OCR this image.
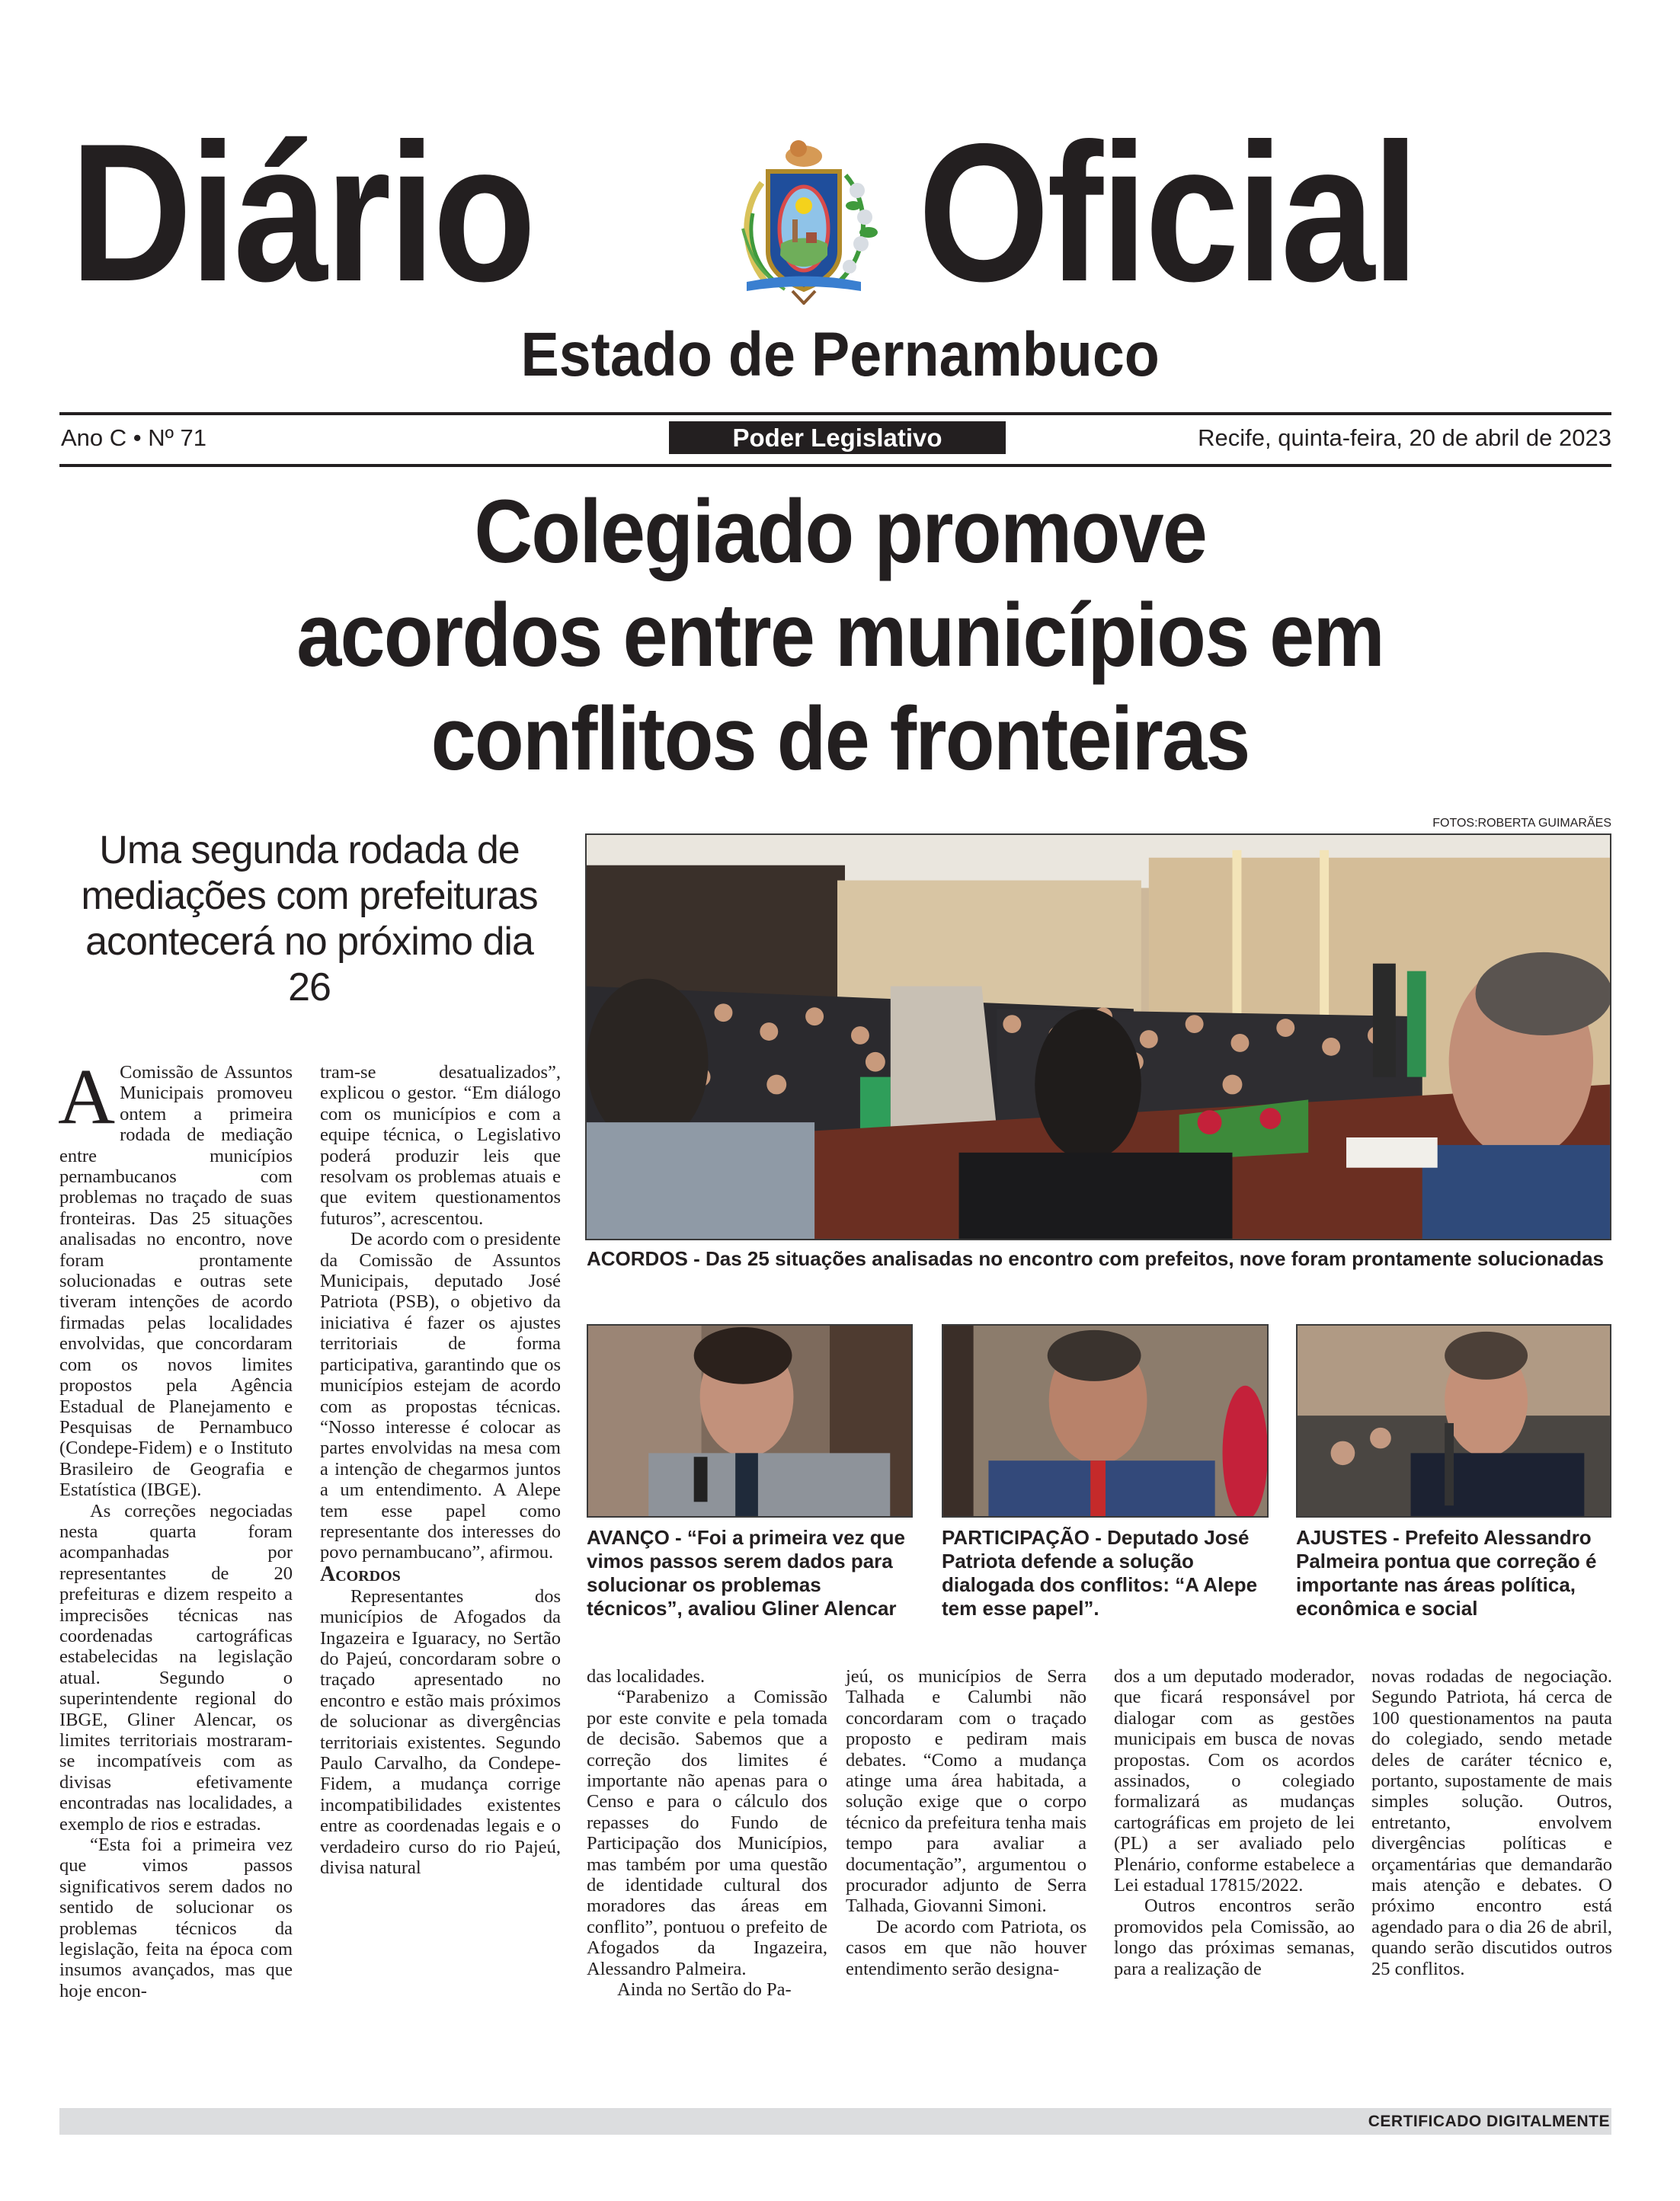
Diário Oficial
Estado de Pernambuco
Ano C • Nº 71	Poder Legislativo	Recife, quinta-feira, 20 de abril de 2023
Colegiado promove
acordos entre municípios em
conflitos de fronteiras
Uma segunda rodada de mediações com prefeituras acontecerá no próximo dia 26
FOTOS:ROBERTA GUIMARÃES
ACORDOS - Das 25 situações analisadas no encontro com prefeitos, nove foram prontamente solucionadas
AVANÇO - “Foi a primeira vez que vimos passos serem dados para solucionar os problemas técnicos”, avaliou Gliner Alencar
PARTICIPAÇÃO - Deputado José Patriota defende a solução dialogada dos conflitos: “A Alepe tem esse papel”.
AJUSTES - Prefeito Alessandro Palmeira pontua que correção é importante nas áreas política, econômica e social

A Comissão de Assuntos Municipais promoveu ontem a primeira rodada de mediação entre municípios pernambucanos com problemas no traçado de suas fronteiras. Das 25 situações analisadas no encontro, nove foram prontamente solucionadas e outras sete tiveram intenções de acordo firmadas pelas localidades envolvidas, que concordaram com os novos limites propostos pela Agência Estadual de Planejamento e Pesquisas de Pernambuco (Condepe-Fidem) e o Instituto Brasileiro de Geografia e Estatística (IBGE).

As correções negociadas nesta quarta foram acompanhadas por representantes de 20 prefeituras e dizem respeito a imprecisões técnicas nas coordenadas cartográficas estabelecidas na legislação atual. Segundo o superintendente regional do IBGE, Gliner Alencar, os limites territoriais mostraram-se incompatíveis com as divisas efetivamente encontradas nas localidades, a exemplo de rios e estradas.

“Esta foi a primeira vez que vimos passos significativos serem dados no sentido de solucionar os problemas técnicos da legislação, feita na época com insumos avançados, mas que hoje encon-

tram-se desatualizados”, explicou o gestor. “Em diálogo com os municípios e com a equipe técnica, o Legislativo poderá produzir leis que resolvam os problemas atuais e que evitem questionamentos futuros”, acrescentou.

De acordo com o presidente da Comissão de Assuntos Municipais, deputado José Patriota (PSB), o objetivo da iniciativa é fazer os ajustes territoriais de forma participativa, garantindo que os municípios estejam de acordo com as propostas técnicas. “Nosso interesse é colocar as partes envolvidas na mesa com a intenção de chegarmos juntos a um entendimento. A Alepe tem esse papel como representante dos interesses do povo pernambucano”, afirmou.

Acordos

Representantes dos municípios de Afogados da Ingazeira e Iguaracy, no Sertão do Pajeú, concordaram sobre o traçado apresentado no encontro e estão mais próximos de solucionar as divergências territoriais existentes. Segundo Paulo Carvalho, da Condepe-Fidem, a mudança corrige incompatibilidades existentes entre as coordenadas legais e o verdadeiro curso do rio Pajeú, divisa natural

das localidades.

“Parabenizo a Comissão por este convite e pela tomada de decisão. Sabemos que a correção dos limites é importante não apenas para o Censo e para o cálculo dos repasses do Fundo de Participação dos Municípios, mas também por uma questão de identidade cultural dos moradores das áreas em conflito”, pontuou o prefeito de Afogados da Ingazeira, Alessandro Palmeira.

Ainda no Sertão do Pa-

jeú, os municípios de Serra Talhada e Calumbi não concordaram com o traçado proposto e pediram mais debates. “Como a mudança atinge uma área habitada, a solução exige que o corpo técnico da prefeitura tenha mais tempo para avaliar a documentação”, argumentou o procurador adjunto de Serra Talhada, Giovanni Simoni.

De acordo com Patriota, os casos em que não houver entendimento serão designa-

dos a um deputado moderador, que ficará responsável por dialogar com as gestões municipais em busca de novas propostas. Com os acordos assinados, o colegiado formalizará as mudanças cartográficas em projeto de lei (PL) a ser avaliado pelo Plenário, conforme estabelece a Lei estadual 17815/2022.

Outros encontros serão promovidos pela Comissão, ao longo das próximas semanas, para a realização de

novas rodadas de negociação. Segundo Patriota, há cerca de 100 questionamentos na pauta do colegiado, sendo metade deles de caráter técnico e, portanto, supostamente de mais simples solução. Outros, entretanto, envolvem divergências políticas e orçamentárias que demandarão mais atenção e debates. O próximo encontro está agendado para o dia 26 de abril, quando serão discutidos outros 25 conflitos.

CERTIFICADO DIGITALMENTE
